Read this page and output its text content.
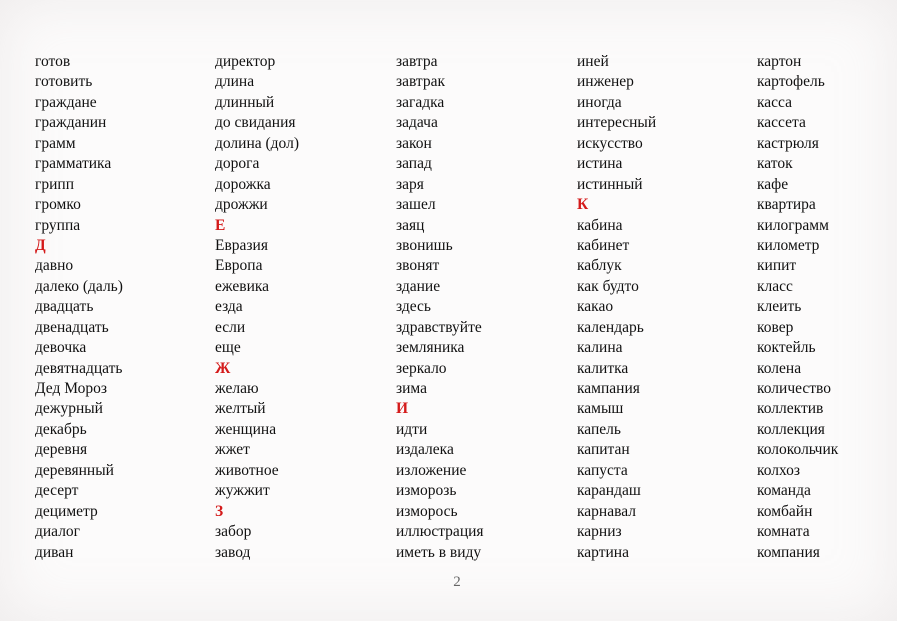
готов
готовить
граждане
гражданин
грамм
грамматика
грипп
громко
группа
Д
давно
далеко (даль)
двадцать
двенадцать
девочка
девятнадцать
Дед Мороз
дежурный
декабрь
деревня
деревянный
десерт
дециметр
диалог
диван
директор
длина
длинный
до свидания
долина (дол)
дорога
дорожка
дрожжи
Е
Евразия
Европа
ежевика
езда
если
еще
Ж
желаю
желтый
женщина
жжет
животное
жужжит
З
забор
завод
завтра
завтрак
загадка
задача
закон
запад
заря
зашел
заяц
звонишь
звонят
здание
здесь
здравствуйте
земляника
зеркало
зима
И
идти
издалека
изложение
изморозь
изморось
иллюстрация
иметь в виду
иней
инженер
иногда
интересный
искусство
истина
истинный
К
кабина
кабинет
каблук
как будто
какао
календарь
калина
калитка
кампания
камыш
капель
капитан
капуста
карандаш
карнавал
карниз
картина
картон
картофель
касса
кассета
кастрюля
каток
кафе
квартира
килограмм
километр
кипит
класс
клеить
ковер
коктейль
колена
количество
коллектив
коллекция
колокольчик
колхоз
команда
комбайн
комната
компания
2
